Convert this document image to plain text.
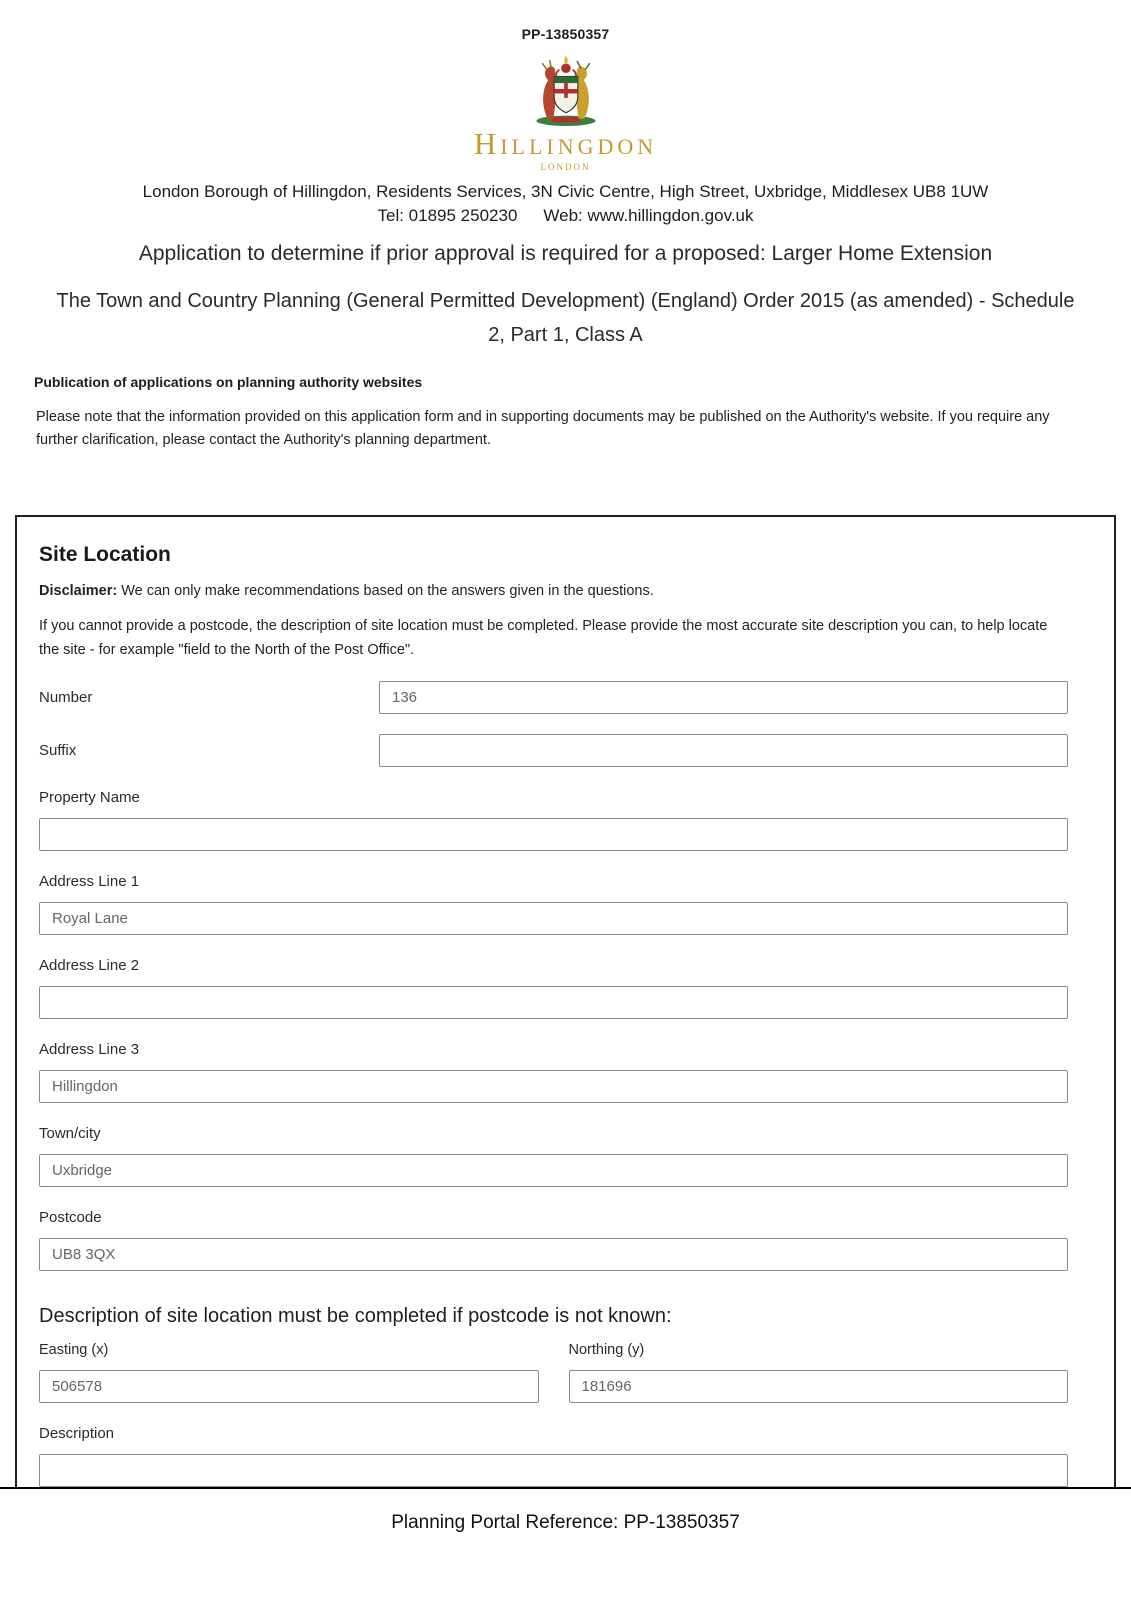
PP-13850357
Hillingdon
LONDON
London Borough of Hillingdon, Residents Services, 3N Civic Centre, High Street, Uxbridge, Middlesex UB8 1UW
Tel: 01895 250230 Web: www.hillingdon.gov.uk
Application to determine if prior approval is required for a proposed: Larger Home Extension
The Town and Country Planning (General Permitted Development) (England) Order 2015 (as amended) - Schedule 2, Part 1, Class A
Publication of applications on planning authority websites
Please note that the information provided on this application form and in supporting documents may be published on the Authority's website. If you require any further clarification, please contact the Authority's planning department.
Site Location
Disclaimer: We can only make recommendations based on the answers given in the questions.
If you cannot provide a postcode, the description of site location must be completed. Please provide the most accurate site description you can, to help locate the site - for example "field to the North of the Post Office".
Number
136
Suffix
Property Name
Address Line 1
Royal Lane
Address Line 2
Address Line 3
Hillingdon
Town/city
Uxbridge
Postcode
UB8 3QX
Description of site location must be completed if postcode is not known:
Easting (x)
506578	Northing (y)
181696
Description
Planning Portal Reference: PP-13850357
